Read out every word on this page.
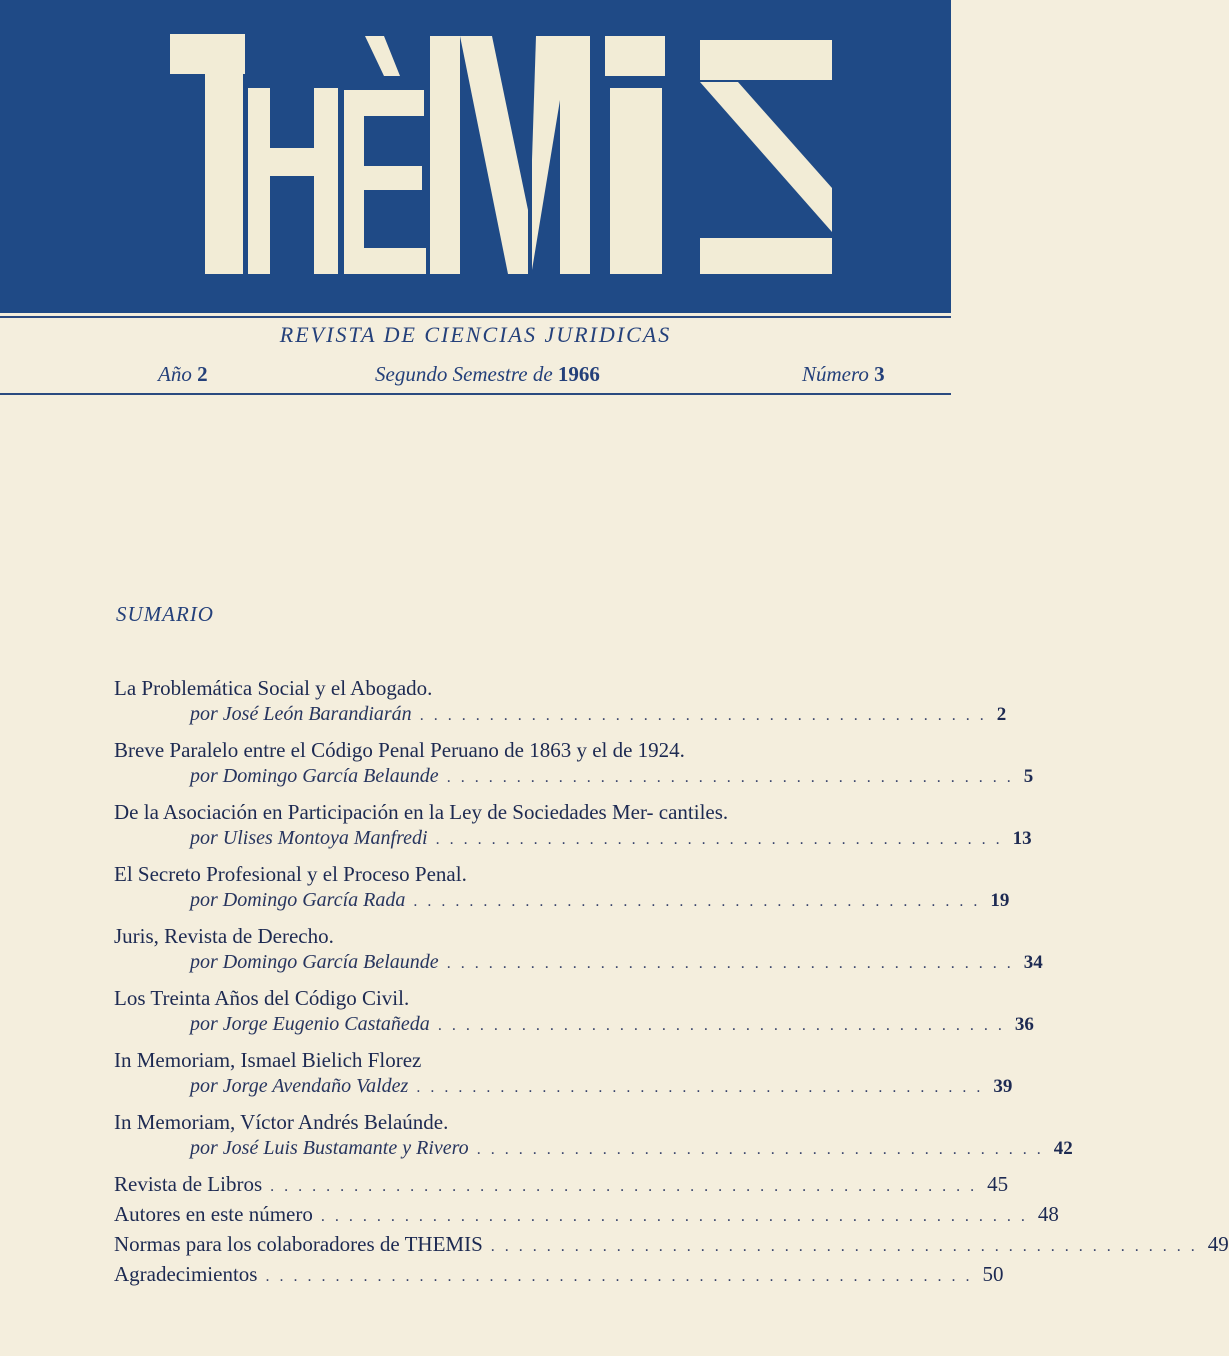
REVISTA DE CIENCIAS JURIDICAS
Año 2	Segundo Semestre de 1966	Número 3
SUMARIO
La Problemática Social y el Abogado.
por José León Barandiarán . . . . . . . . . . . . . . . . . . . . . . . . . . . . . . . . . . . . . . . . . 2
Breve Paralelo entre el Código Penal Peruano de 1863 y el de 1924.
por Domingo García Belaunde . . . . . . . . . . . . . . . . . . . . . . . . . . . . . . . . . . . . . . . . . 5
De la Asociación en Participación en la Ley de Sociedades Mer- cantiles.
por Ulises Montoya Manfredi . . . . . . . . . . . . . . . . . . . . . . . . . . . . . . . . . . . . . . . . . 13
El Secreto Profesional y el Proceso Penal.
por Domingo García Rada . . . . . . . . . . . . . . . . . . . . . . . . . . . . . . . . . . . . . . . . . 19
Juris, Revista de Derecho.
por Domingo García Belaunde . . . . . . . . . . . . . . . . . . . . . . . . . . . . . . . . . . . . . . . . . 34
Los Treinta Años del Código Civil.
por Jorge Eugenio Castañeda . . . . . . . . . . . . . . . . . . . . . . . . . . . . . . . . . . . . . . . . . 36
In Memoriam, Ismael Bielich Florez
por Jorge Avendaño Valdez . . . . . . . . . . . . . . . . . . . . . . . . . . . . . . . . . . . . . . . . . 39
In Memoriam, Víctor Andrés Belaúnde.
por José Luis Bustamante y Rivero . . . . . . . . . . . . . . . . . . . . . . . . . . . . . . . . . . . . . . . . . 42
Revista de Libros . . . . . . . . . . . . . . . . . . . . . . . . . . . . . . . . . . . . . . . . . . . . . . . . . . . 45
Autores en este número . . . . . . . . . . . . . . . . . . . . . . . . . . . . . . . . . . . . . . . . . . . . . . . . . . . 48
Normas para los colaboradores de THEMIS . . . . . . . . . . . . . . . . . . . . . . . . . . . . . . . . . . . . . . . . . . . . . . . . . . . 49
Agradecimientos . . . . . . . . . . . . . . . . . . . . . . . . . . . . . . . . . . . . . . . . . . . . . . . . . . . 50
